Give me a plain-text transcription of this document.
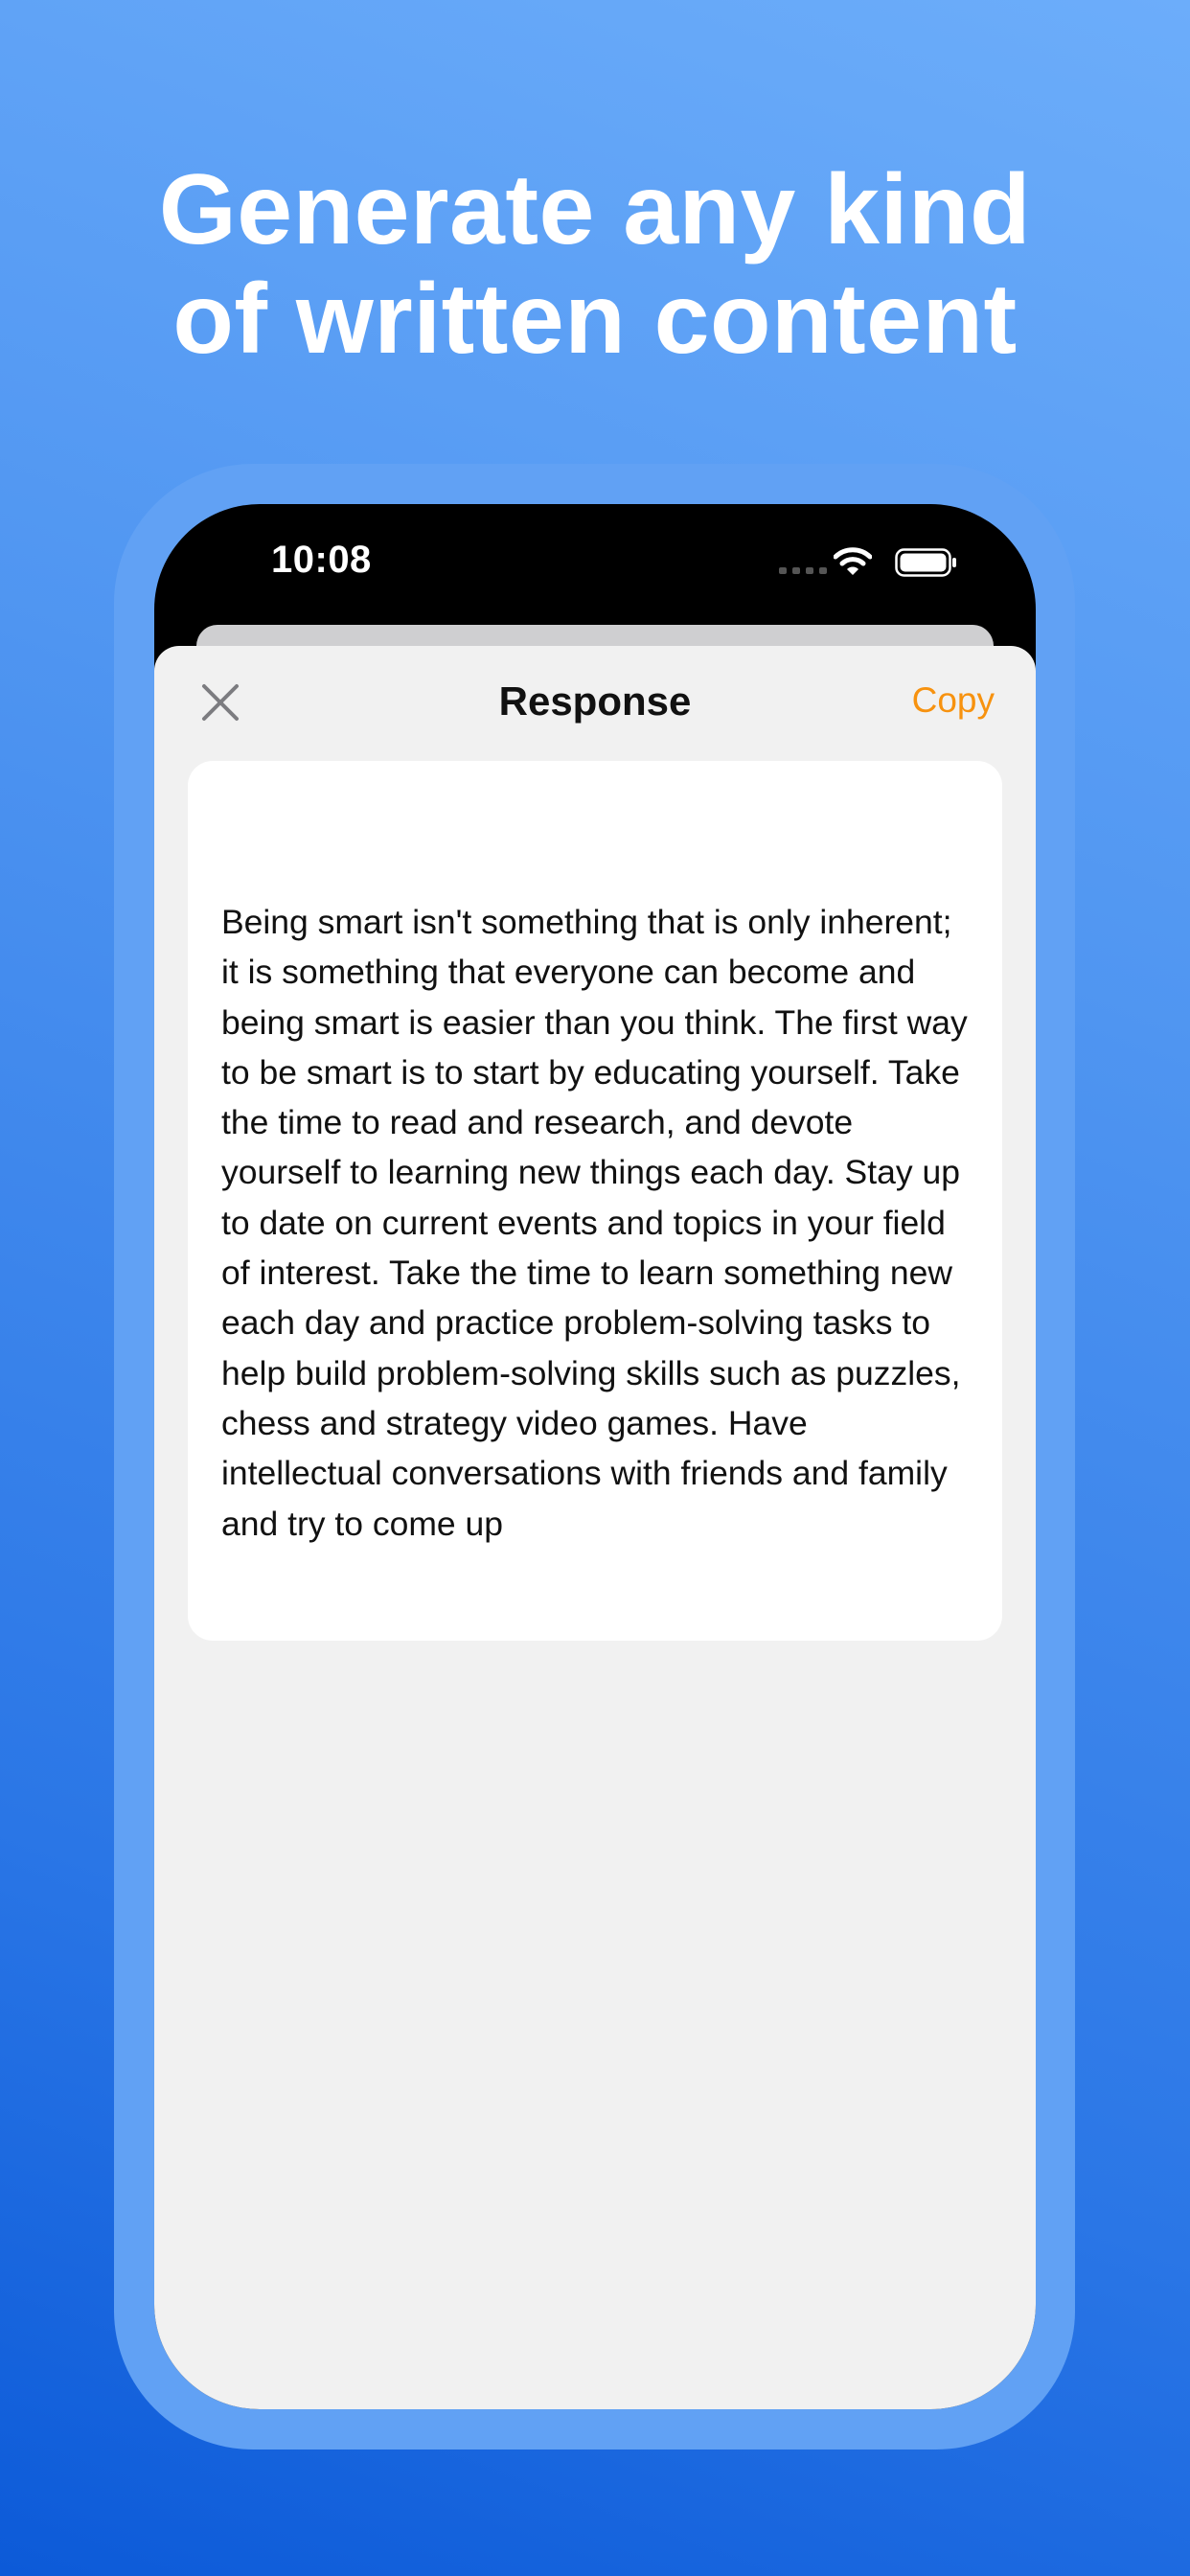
Generate any kind
of written content
10:08
Response	Copy

Being smart isn't something that is only inherent; it is something that everyone can become and being smart is easier than you think. The first way to be smart is to start by educating yourself. Take the time to read and research, and devote yourself to learning new things each day. Stay up to date on current events and topics in your field of interest. Take the time to learn something new each day and practice problem-solving tasks to help build problem-solving skills such as puzzles, chess and strategy video games. Have intellectual conversations with friends and family and try to come up
